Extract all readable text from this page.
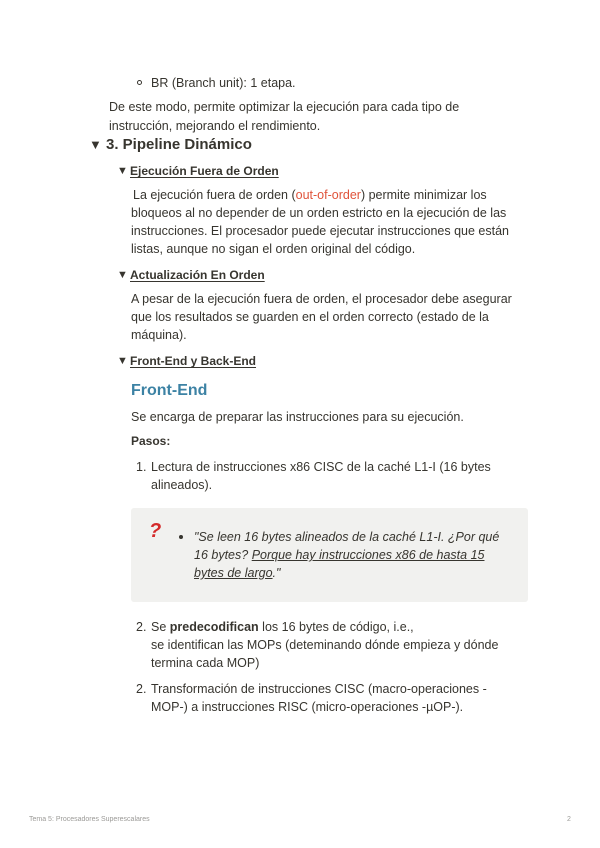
BR (Branch unit): 1 etapa.
De este modo, permite optimizar la ejecución para cada tipo de
instrucción, mejorando el rendimiento.
▼ 3. Pipeline Dinámico
▼ Ejecución Fuera de Orden
La ejecución fuera de orden (out-of-order) permite minimizar los
bloqueos al no depender de un orden estricto en la ejecución de las
instrucciones. El procesador puede ejecutar instrucciones que están
listas, aunque no sigan el orden original del código.
▼ Actualización En Orden
A pesar de la ejecución fuera de orden, el procesador debe asegurar
que los resultados se guarden en el orden correcto (estado de la
máquina).
▼ Front-End y Back-End
Front-End
Se encarga de preparar las instrucciones para su ejecución.
Pasos:
1. Lectura de instrucciones x86 CISC de la caché L1-I (16 bytes
alineados).
?	"Se leen 16 bytes alineados de la caché L1-I. ¿Por qué
16 bytes? Porque hay instrucciones x86 de hasta 15
bytes de largo."
2. Se predecodifican los 16 bytes de código, i.e.,
se identifican las MOPs (deteminando dónde empieza y dónde
termina cada MOP)
2. Transformación de instrucciones CISC (macro-operaciones -
MOP-) a instrucciones RISC (micro-operaciones -µOP-).
Tema 5: Procesadores Superescalares	2
